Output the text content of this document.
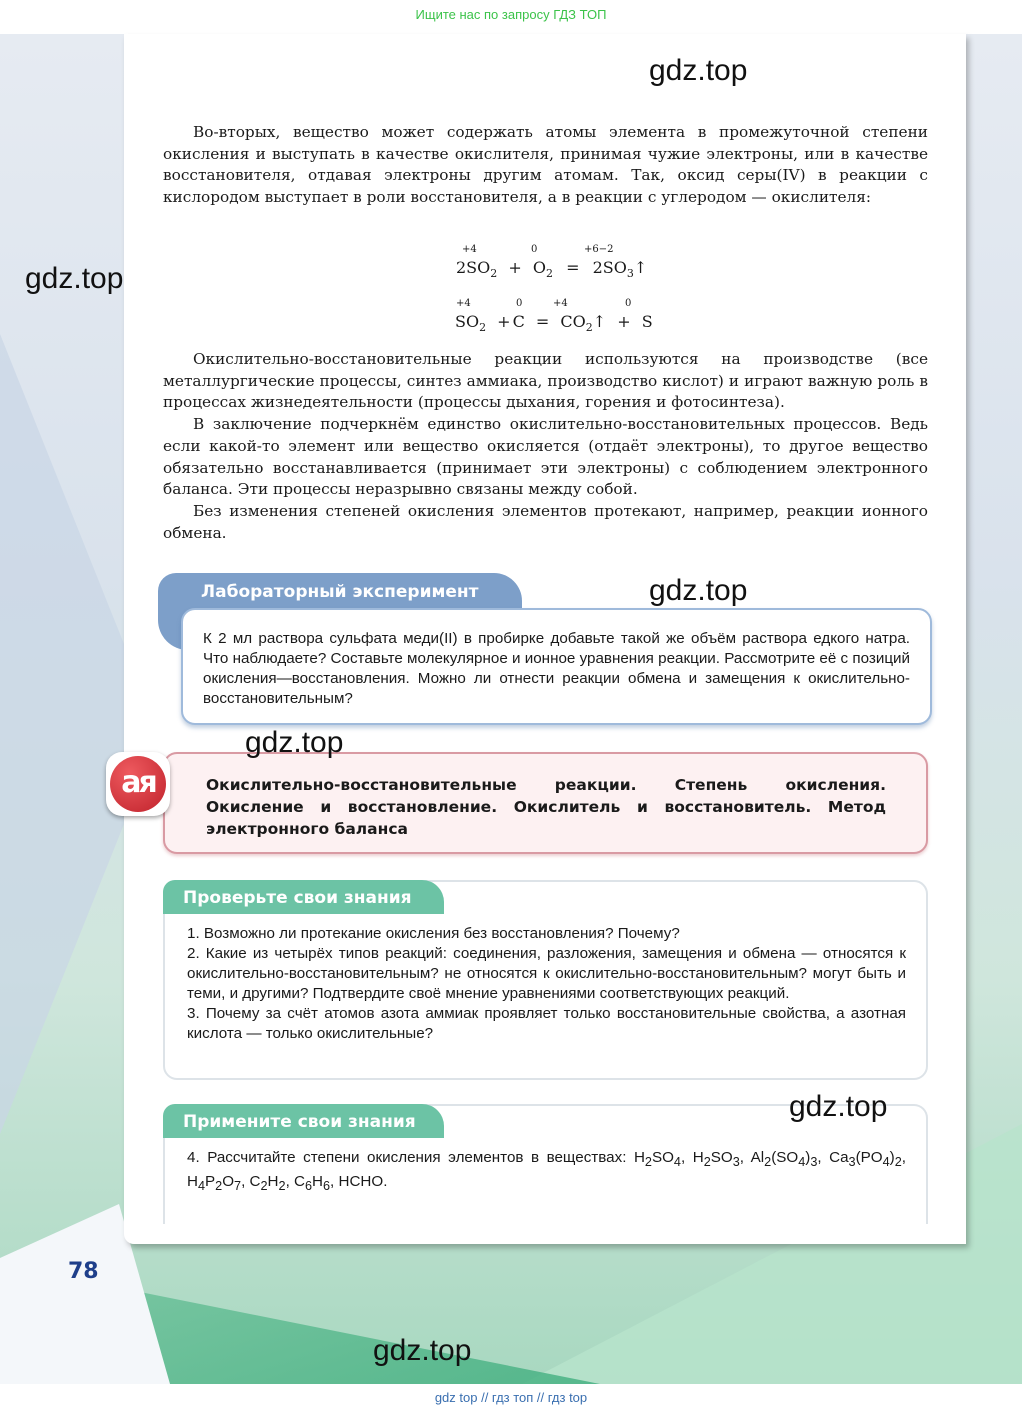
Ищите нас по запросу ГДЗ ТОП
gdz.top
gdz.top
gdz.top
gdz.top
gdz.top
gdz.top

Во-вторых, вещество может содержать атомы элемента в промежуточной степени окисления и выступать в качестве окислителя, принимая чужие электроны, или в качестве восстановителя, отдавая электроны другим атомам. Так, оксид серы(IV) в реакции с кислородом выступает в роли восстановителя, а в реакции с углеродом — окислителя:

+4	0	+6−2
$2SO_2 + O_2$ = $2SO_3↑$
+4	0	+4	0
$SO_2 + C$ = $CO_2↑ + S$

Окислительно-восстановительные реакции используются на производстве (все металлургические процессы, синтез аммиака, производство кислот) и играют важную роль в процессах жизнедеятельности (процессы дыхания, горения и фотосинтеза).

В заключение подчеркнём единство окислительно-восстановительных процессов. Ведь если какой-то элемент или вещество окисляется (отдаёт электроны), то другое вещество обязательно восстанавливается (принимает эти электроны) с соблюдением электронного баланса. Эти процессы неразрывно связаны между собой.

Без изменения степеней окисления элементов протекают, например, реакции ионного обмена.

Лабораторный эксперимент
К 2 мл раствора сульфата меди(II) в пробирке добавьте такой же объём раствора едкого натра. Что наблюдаете? Составьте молекулярное и ионное уравнения реакции. Рассмотрите её с позиций окисления—восстановления. Можно ли отнести реакции обмена и замещения к окислительно-восстановительным?
ая	Окислительно-восстановительные реакции. Степень окисления. Окисление и восстановление. Окислитель и восстановитель. Метод электронного баланса
1. Возможно ли протекание окисления без восстановления? Почему?
2. Какие из четырёх типов реакций: соединения, разложения, замещения и обмена — относятся к окислительно-восстановительным? не относятся к окислительно-восстановительным? могут быть и теми, и другими? Подтвердите своё мнение уравнениями соответствующих реакций.
3. Почему за счёт атомов азота аммиак проявляет только восстановительные свойства, а азотная кислота — только окислительные?
Проверьте свои знания
4. Рассчитайте степени окисления элементов в веществах: $H_2SO_4$, $H_2SO_3$, $Al_2(SO_4)_3$, $Ca_3(PO_4)_2$, $H_4P_2O_7$, $C_2H_2$, $C_6H_6$, HCHO.
Примените свои знания
78
gdz top // гдз топ // гдз top
